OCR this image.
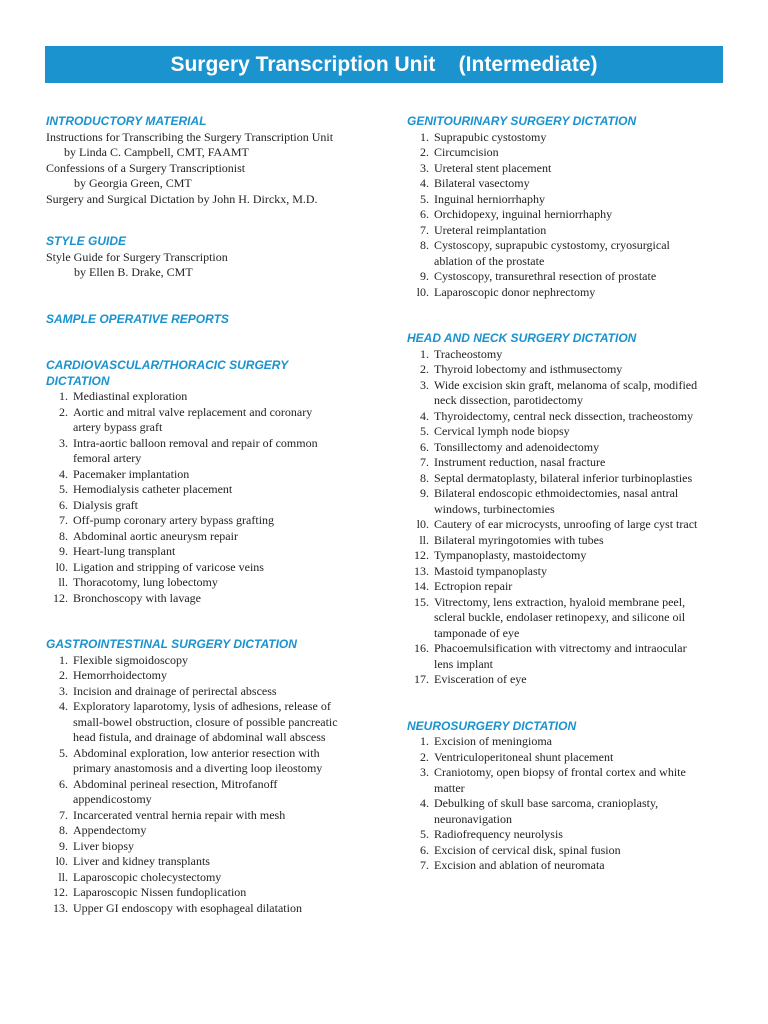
Surgery Transcription Unit    (Intermediate)

INTRODUCTORY MATERIAL

Instructions for Transcribing the Surgery Transcription Unit
by Linda C. Campbell, CMT, FAAMT

Confessions of a Surgery Transcriptionist
by Georgia Green, CMT

Surgery and Surgical Dictation by John H. Dirckx, M.D.

STYLE GUIDE

Style Guide for Surgery Transcription
by Ellen B. Drake, CMT

SAMPLE OPERATIVE REPORTS

CARDIOVASCULAR/THORACIC SURGERY

DICTATION

1. Mediastinal exploration
2. Aortic and mitral valve replacement and coronary
artery bypass graft
3. Intra-aortic balloon removal and repair of common
femoral artery
4. Pacemaker implantation
5. Hemodialysis catheter placement
6. Dialysis graft
7. Off-pump coronary artery bypass grafting
8. Abdominal aortic aneurysm repair
9. Heart-lung transplant
l0. Ligation and stripping of varicose veins
ll. Thoracotomy, lung lobectomy
12. Bronchoscopy with lavage

GASTROINTESTINAL SURGERY DICTATION

1. Flexible sigmoidoscopy
2. Hemorrhoidectomy
3. Incision and drainage of perirectal abscess
4. Exploratory laparotomy, lysis of adhesions, release of
small-bowel obstruction, closure of possible pancreatic
head fistula, and drainage of abdominal wall abscess
5. Abdominal exploration, low anterior resection with
primary anastomosis and a diverting loop ileostomy
6. Abdominal perineal resection, Mitrofanoff
appendicostomy
7. Incarcerated ventral hernia repair with mesh
8. Appendectomy
9. Liver biopsy
l0. Liver and kidney transplants
ll. Laparoscopic cholecystectomy
12. Laparoscopic Nissen fundoplication
13. Upper GI endoscopy with esophageal dilatation

GENITOURINARY SURGERY DICTATION

1. Suprapubic cystostomy
2. Circumcision
3. Ureteral stent placement
4. Bilateral vasectomy
5. Inguinal herniorrhaphy
6. Orchidopexy, inguinal herniorrhaphy
7. Ureteral reimplantation
8. Cystoscopy, suprapubic cystostomy, cryosurgical
ablation of the prostate
9. Cystoscopy, transurethral resection of prostate
l0. Laparoscopic donor nephrectomy

HEAD AND NECK SURGERY DICTATION

1. Tracheostomy
2. Thyroid lobectomy and isthmusectomy
3. Wide excision skin graft, melanoma of scalp, modified
neck dissection, parotidectomy
4. Thyroidectomy, central neck dissection, tracheostomy
5. Cervical lymph node biopsy
6. Tonsillectomy and adenoidectomy
7. Instrument reduction, nasal fracture
8. Septal dermatoplasty, bilateral inferior turbinoplasties
9. Bilateral endoscopic ethmoidectomies, nasal antral
windows, turbinectomies
l0. Cautery of ear microcysts, unroofing of large cyst tract
ll. Bilateral myringotomies with tubes
12. Tympanoplasty, mastoidectomy
13. Mastoid tympanoplasty
14. Ectropion repair
15. Vitrectomy, lens extraction, hyaloid membrane peel,
scleral buckle, endolaser retinopexy, and silicone oil
tamponade of eye
16. Phacoemulsification with vitrectomy and intraocular
lens implant
17. Evisceration of eye

NEUROSURGERY DICTATION

1. Excision of meningioma
2. Ventriculoperitoneal shunt placement
3. Craniotomy, open biopsy of frontal cortex and white
matter
4. Debulking of skull base sarcoma, cranioplasty,
neuronavigation
5. Radiofrequency neurolysis
6. Excision of cervical disk, spinal fusion
7. Excision and ablation of neuromata
